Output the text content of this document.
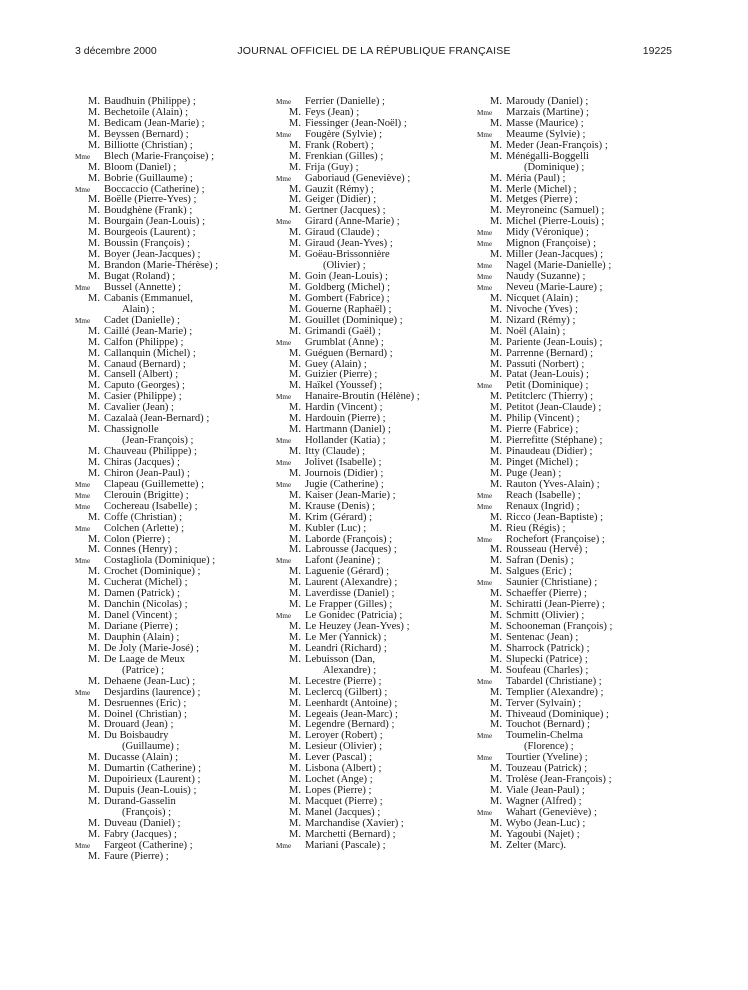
3 décembre 2000	JOURNAL OFFICIEL DE LA RÉPUBLIQUE FRANÇAISE	19225
M. Baudhuin (Philippe) ;
M. Bechetoile (Alain) ;
M. Bedicam (Jean-Marie) ;
M. Beyssen (Bernard) ;
M. Billiotte (Christian) ;
Mme	Blech (Marie-Françoise) ;
M. Bloom (Daniel) ;
M. Bobrie (Guillaume) ;
Mme	Boccaccio (Catherine) ;
M. Boëlle (Pierre-Yves) ;
M. Boudghène (Frank) ;
M. Bourgain (Jean-Louis) ;
M. Bourgeois (Laurent) ;
M. Boussin (François) ;
M. Boyer (Jean-Jacques) ;
M. Brandon (Marie-Thérèse) ;
M. Bugat (Roland) ;
Mme	Bussel (Annette) ;
M. Cabanis (Emmanuel,
Alain) ;
Mme	Cadet (Danielle) ;
M. Caillé (Jean-Marie) ;
M. Calfon (Philippe) ;
M. Callanquin (Michel) ;
M. Canaud (Bernard) ;
M. Cansell (Albert) ;
M. Caputo (Georges) ;
M. Casier (Philippe) ;
M. Cavalier (Jean) ;
M. Cazalaà (Jean-Bernard) ;
M. Chassignolle
(Jean-François) ;
M. Chauveau (Philippe) ;
M. Chiras (Jacques) ;
M. Chiron (Jean-Paul) ;
Mme	Clapeau (Guillemette) ;
Mme	Clerouin (Brigitte) ;
Mme	Cochereau (Isabelle) ;
M. Coffe (Christian) ;
Mme	Colchen (Arlette) ;
M. Colon (Pierre) ;
M. Connes (Henry) ;
Mme	Costagliola (Dominique) ;
M. Crochet (Dominique) ;
M. Cucherat (Michel) ;
M. Damen (Patrick) ;
M. Danchin (Nicolas) ;
M. Danel (Vincent) ;
M. Dariane (Pierre) ;
M. Dauphin (Alain) ;
M. De Joly (Marie-José) ;
M. De Laage de Meux
(Patrice) ;
M. Dehaene (Jean-Luc) ;
Mme	Desjardins (laurence) ;
M. Desruennes (Eric) ;
M. Doinel (Christian) ;
M. Drouard (Jean) ;
M. Du Boisbaudry
(Guillaume) ;
M. Ducasse (Alain) ;
M. Dumartin (Catherine) ;
M. Dupoirieux (Laurent) ;
M. Dupuis (Jean-Louis) ;
M. Durand-Gasselin
(François) ;
M. Duveau (Daniel) ;
M. Fabry (Jacques) ;
Mme	Fargeot (Catherine) ;
M. Faure (Pierre) ;
Mme	Ferrier (Danielle) ;
M. Feys (Jean) ;
M. Fiessinger (Jean-Noël) ;
Mme	Fougère (Sylvie) ;
M. Frank (Robert) ;
M. Frenkian (Gilles) ;
M. Frija (Guy) ;
Mme	Gaboriaud (Geneviève) ;
M. Gauzit (Rémy) ;
M. Geiger (Didier) ;
M. Gertner (Jacques) ;
Mme	Girard (Anne-Marie) ;
M. Giraud (Claude) ;
M. Giraud (Jean-Yves) ;
M. Goëau-Brissonnière
(Olivier) ;
M. Goin (Jean-Louis) ;
M. Goldberg (Michel) ;
M. Gombert (Fabrice) ;
M. Gouerne (Raphaël) ;
M. Gouillet (Dominique) ;
M. Grimandi (Gaël) ;
Mme	Grumblat (Anne) ;
M. Guéguen (Bernard) ;
M. Guey (Alain) ;
M. Guizier (Pierre) ;
M. Haïkel (Youssef) ;
Mme	Hanaire-Broutin (Hélène) ;
M. Hardin (Vincent) ;
M. Hardouin (Pierre) ;
M. Hartmann (Daniel) ;
Mme	Hollander (Katia) ;
M. Itty (Claude) ;
Mme	Jolivet (Isabelle) ;
M. Journois (Didier) ;
Mme	Jugie (Catherine) ;
M. Kaiser (Jean-Marie) ;
M. Krause (Denis) ;
M. Krim (Gérard) ;
M. Kubler (Luc) ;
M. Laborde (François) ;
M. Labrousse (Jacques) ;
Mme	Lafont (Jeanine) ;
M. Laguenie (Gérard) ;
M. Laurent (Alexandre) ;
M. Laverdisse (Daniel) ;
M. Le Frapper (Gilles) ;
Mme	Le Gonidec (Patricia) ;
M. Le Heuzey (Jean-Yves) ;
M. Le Mer (Yannick) ;
M. Leandri (Richard) ;
M. Lebuisson (Dan,
Alexandre) ;
M. Lecestre (Pierre) ;
M. Leclercq (Gilbert) ;
M. Leenhardt (Antoine) ;
M. Legeais (Jean-Marc) ;
M. Legendre (Bernard) ;
M. Leroyer (Robert) ;
M. Lesieur (Olivier) ;
M. Lever (Pascal) ;
M. Lisbona (Albert) ;
M. Lochet (Ange) ;
M. Lopes (Pierre) ;
M. Macquet (Pierre) ;
M. Manel (Jacques) ;
M. Marchandise (Xavier) ;
M. Marchetti (Bernard) ;
Mme	Mariani (Pascale) ;
M. Maroudy (Daniel) ;
Mme	Marzais (Martine) ;
M. Masse (Maurice) ;
Mme	Meaume (Sylvie) ;
M. Meder (Jean-François) ;
M. Ménégalli-Boggelli
(Dominique) ;
M. Méria (Paul) ;
M. Merle (Michel) ;
M. Metges (Pierre) ;
M. Meyroneinc (Samuel) ;
M. Michel (Pierre-Louis) ;
Mme	Midy (Véronique) ;
Mme	Mignon (Françoise) ;
M. Miller (Jean-Jacques) ;
Mme	Nagel (Marie-Danielle) ;
Mme	Naudy (Suzanne) ;
Mme	Neveu (Marie-Laure) ;
M. Nicquet (Alain) ;
M. Nivoche (Yves) ;
M. Nizard (Rémy) ;
M. Noël (Alain) ;
M. Pariente (Jean-Louis) ;
M. Parrenne (Bernard) ;
M. Passuti (Norbert) ;
M. Patat (Jean-Louis) ;
Mme	Petit (Dominique) ;
M. Petitclerc (Thierry) ;
M. Petitot (Jean-Claude) ;
M. Philip (Vincent) ;
M. Pierre (Fabrice) ;
M. Pierrefitte (Stéphane) ;
M. Pinaudeau (Didier) ;
M. Pinget (Michel) ;
M. Puge (Jean) ;
M. Rauton (Yves-Alain) ;
Mme	Reach (Isabelle) ;
Mme	Renaux (Ingrid) ;
M. Ricco (Jean-Baptiste) ;
M. Rieu (Régis) ;
Mme	Rochefort (Françoise) ;
M. Rousseau (Hervé) ;
M. Safran (Denis) ;
M. Salgues (Eric) ;
Mme	Saunier (Christiane) ;
M. Schaeffer (Pierre) ;
M. Schiratti (Jean-Pierre) ;
M. Schmitt (Olivier) ;
M. Schooneman (François) ;
M. Sentenac (Jean) ;
M. Sharrock (Patrick) ;
M. Slupecki (Patrice) ;
M. Soufeau (Charles) ;
Mme	Tabardel (Christiane) ;
M. Templier (Alexandre) ;
M. Terver (Sylvain) ;
M. Thiveaud (Dominique) ;
M. Touchot (Bernard) ;
Mme	Toumelin-Chelma
(Florence) ;
Mme	Tourtier (Yveline) ;
M. Touzeau (Patrick) ;
M. Trolèse (Jean-François) ;
M. Viale (Jean-Paul) ;
M. Wagner (Alfred) ;
Mme	Wahart (Geneviève) ;
M. Wybo (Jean-Luc) ;
M. Yagoubi (Najet) ;
M. Zelter (Marc).
